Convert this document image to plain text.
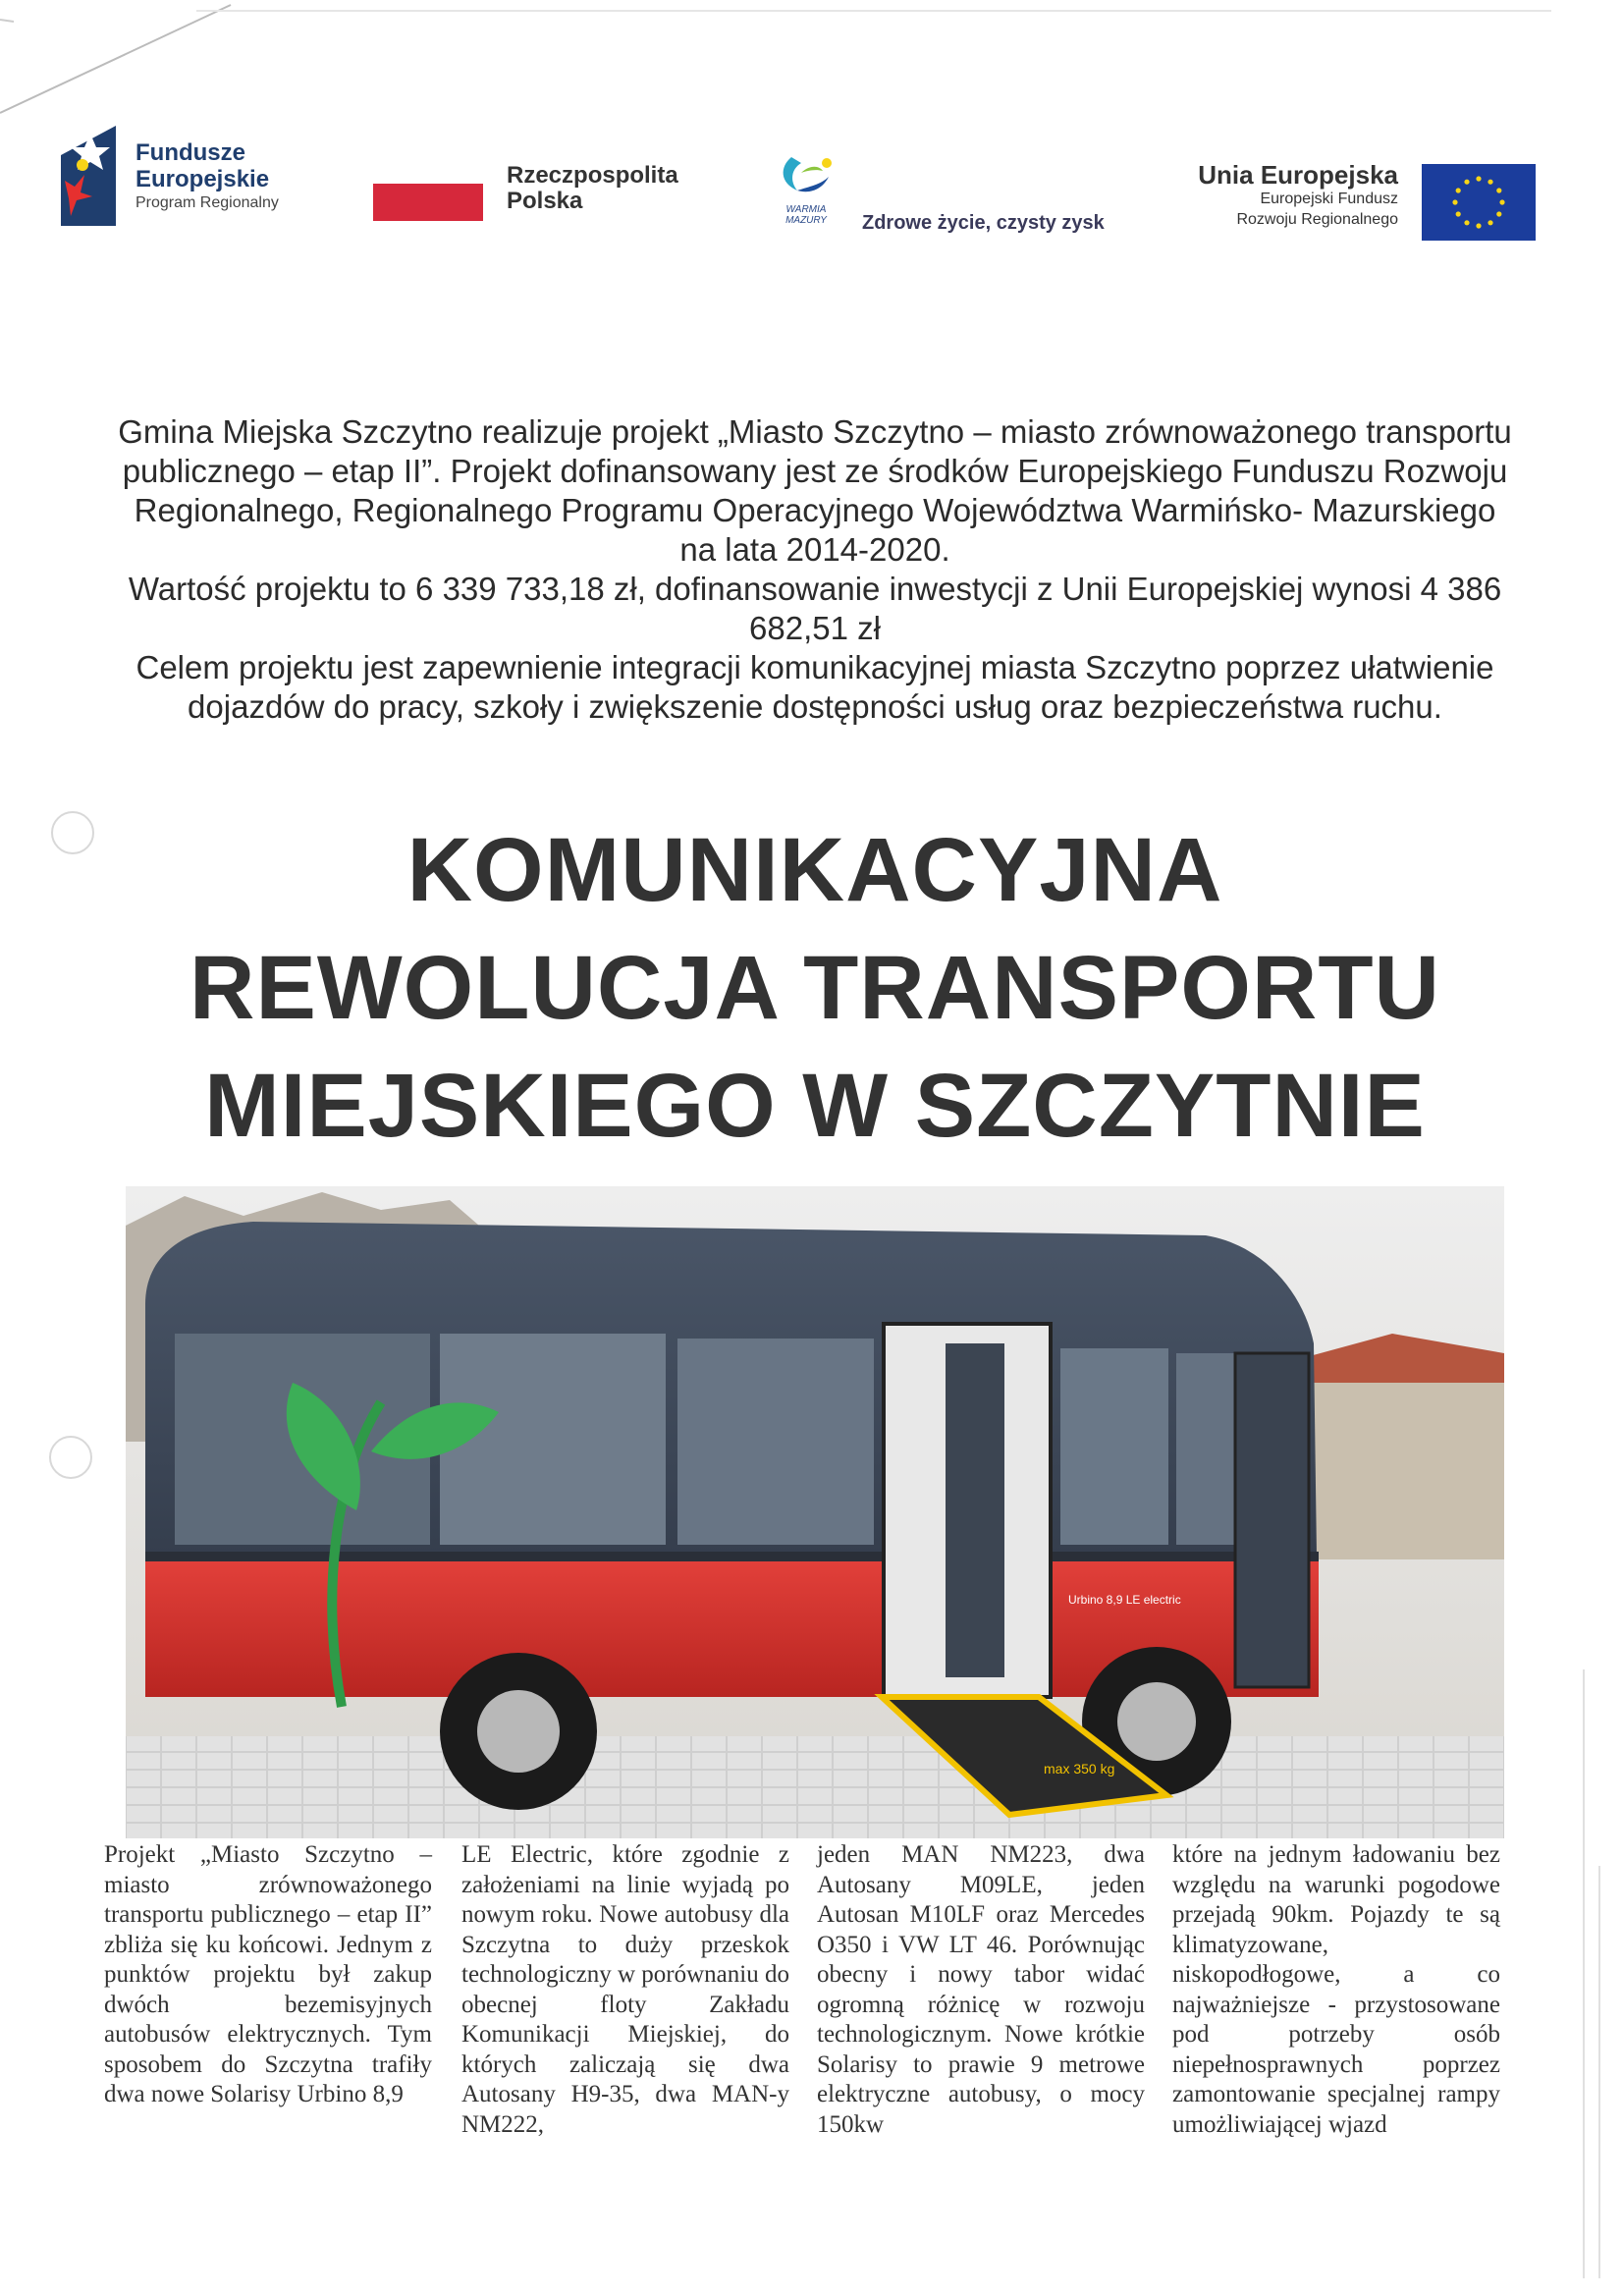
Fundusze
Europejskie
Program Regionalny
Rzeczpospolita
Polska	WARMIA
MAZURY	Zdrowe życie, czysty zysk
Unia Europejska
Europejski Fundusz
Rozwoju Regionalnego

Gmina Miejska Szczytno realizuje projekt „Miasto Szczytno – miasto zrównoważonego transportu publicznego – etap II”. Projekt dofinansowany jest ze środków Europejskiego Funduszu Rozwoju Regionalnego, Regionalnego Programu Operacyjnego Województwa Warmińsko- Mazurskiego na lata 2014-2020.

Wartość projektu to 6 339 733,18 zł, dofinansowanie inwestycji z Unii Europejskiej wynosi 4 386 682,51 zł

Celem projektu jest zapewnienie integracji komunikacyjnej miasta Szczytno poprzez ułatwienie dojazdów do pracy, szkoły i zwiększenie dostępności usług oraz bezpieczeństwa ruchu.

KOMUNIKACYJNA
REWOLUCJA TRANSPORTU
MIEJSKIEGO W SZCZYTNIE
max 350 kg
Urbino 8,9 LE electric
Projekt „Miasto Szczytno – miasto zrównoważonego transportu publicznego – etap II” zbliża się ku końcowi. Jednym z punktów projektu był zakup dwóch bezemisyjnych autobusów elektrycznych. Tym sposobem do Szczytna trafiły dwa nowe Solarisy Urbino 8,9
LE Electric, które zgodnie z założeniami na linie wyjadą po nowym roku. Nowe autobusy dla Szczytna to duży przeskok technologiczny w porównaniu do obecnej floty Zakładu Komunikacji Miejskiej, do których zaliczają się dwa Autosany H9-35, dwa MAN-y NM222,
jeden MAN NM223, dwa Autosany M09LE, jeden Autosan M10LF oraz Mercedes O350 i VW LT 46. Porównując obecny i nowy tabor widać ogromną różnicę w rozwoju technologicznym. Nowe krótkie Solarisy to prawie 9 metrowe elektryczne autobusy, o mocy 150kw
które na jednym ładowaniu bez względu na warunki pogodowe przejadą 90km. Pojazdy te są klimatyzowane, niskopodłogowe, a co najważniejsze - przystosowane pod potrzeby osób niepełnosprawnych poprzez zamontowanie specjalnej rampy umożliwiającej wjazd
